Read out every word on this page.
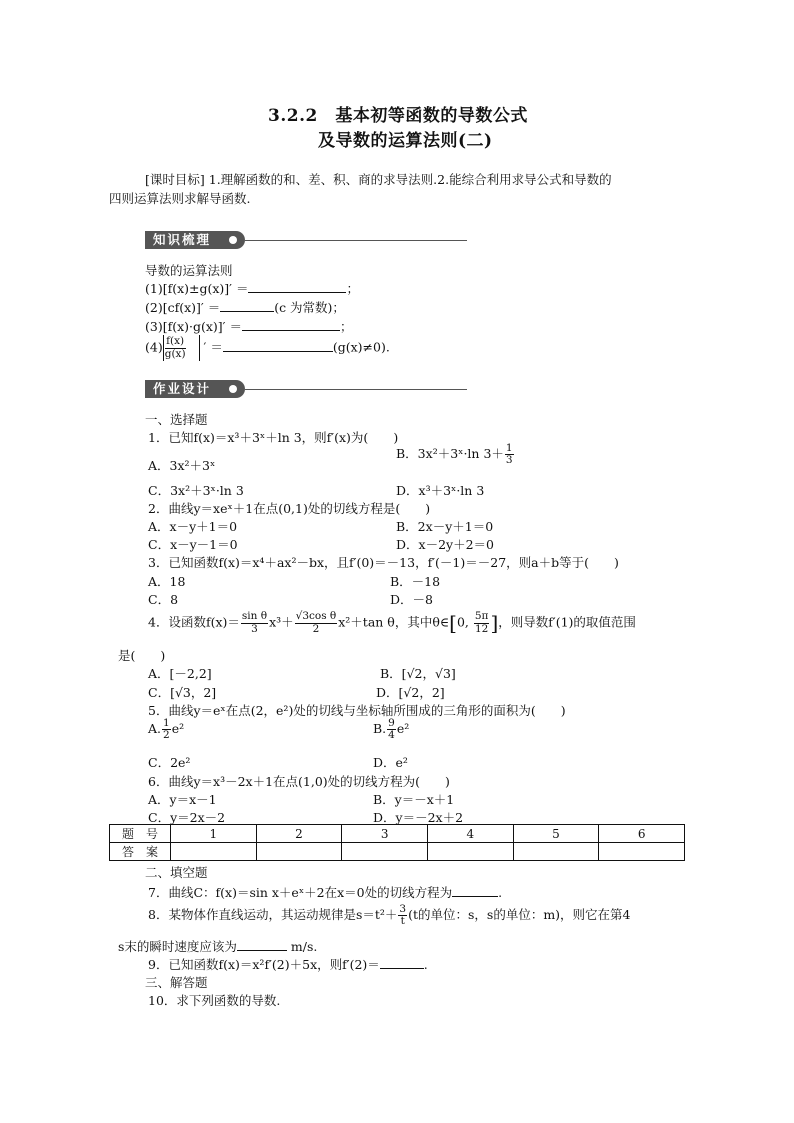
3.2.2　基本初等函数的导数公式
及导数的运算法则(二)
[课时目标] 1.理解函数的和、差、积、商的求导法则.2.能综合利用求导公式和导数的
四则运算法则求解导函数.
知识梳理
导数的运算法则
(1)[f(x)±g(x)]′ ＝	；
(2)[cf(x)]′ ＝	(c 为常数)；
(3)[f(x)·g(x)]′ ＝	；
$(4) \frac{f(x)}{g(x)}$ ′ ＝	(g(x)≠0).
作业设计
一、选择题
1．已知f(x)＝x³＋3ˣ＋ln 3，则f′(x)为(　　)
A．3x²＋3ˣ
B．3x²＋3ˣ·ln $3+ \frac{1}{3}$
C．3x²＋3ˣ·ln 3	D．x³＋3ˣ·ln 3
2．曲线y＝xeˣ＋1在点(0,1)处的切线方程是(　　)
A．x－y＋1＝0	B．2x－y＋1＝0
C．x－y－1＝0	D．x－2y＋2＝0
3．已知函数f(x)＝x⁴＋ax²－bx，且f′(0)＝－13，f′(－1)＝－27，则a＋b等于(　　)
A．18	B．－18
C．8	D．－8
4．设函数$f(x)= \frac{\text{sin θ}}{3} x^3+ \frac{\text{√3cos θ}}{2} x^2+\tan$ θ，其中θ∈[0, $\frac{5\pi}{12}$ ]，则导数f′(1)的取值范围
是(　　)
A．[－2,2]	B．[√2，√3]
C．[√3，2]	D．[√2，2]
5．曲线y＝eˣ在点(2，e²)处的切线与坐标轴所围成的三角形的面积为(　　)
A. $\frac{1}{2} e^2$	B. $\frac{9}{4} e^2$
C．2e²	D．e²
6．曲线y＝x³－2x＋1在点(1,0)处的切线方程为(　　)
A．y＝x－1	B．y＝－x＋1
C．y＝2x－2	D．y＝－2x＋2
题　号	1	2	3	4	5	6
答　案						
二、填空题
7．曲线C：f(x)＝sin x＋eˣ＋2在x＝0处的切线方程为	.
8．某物体作直线运动，其运动规律是$s=t^2+ \frac{3}{t} (t$的单位：s，s的单位：m)，则它在第4
s末的瞬时速度应该为	m/s.
9．已知函数f(x)＝x²f′(2)＋5x，则f′(2)＝	.
三、解答题
10．求下列函数的导数.
